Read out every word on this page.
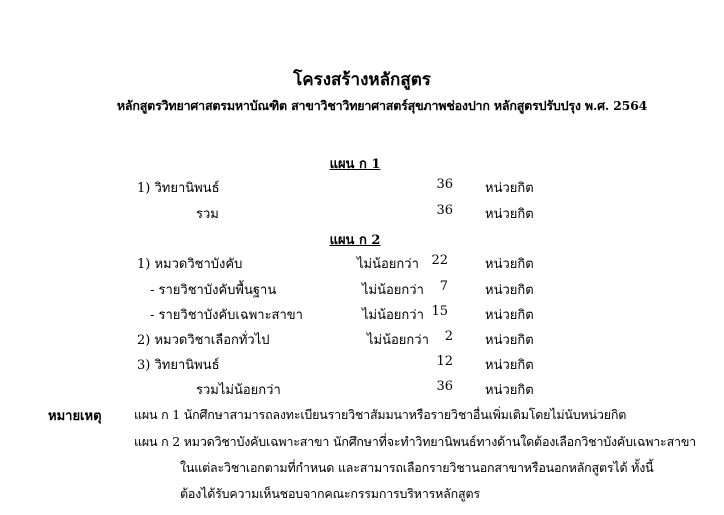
โครงสร้างหลักสูตร
หลักสูตรวิทยาศาสตรมหาบัณฑิต สาขาวิชาวิทยาศาสตร์สุขภาพช่องปาก หลักสูตรปรับปรุง พ.ศ. 2564
แผน ก 1
1) วิทยานิพนธ์	36 หน่วยกิต
รวม	36 หน่วยกิต
แผน ก 2
1) หมวดวิชาบังคับ	ไม่น้อยกว่า 22	หน่วยกิต
- รายวิชาบังคับพื้นฐาน	ไม่น้อยกว่า	7	หน่วยกิต
- รายวิชาบังคับเฉพาะสาขา	ไม่น้อยกว่า 15	หน่วยกิต
2) หมวดวิชาเลือกทั่วไป	ไม่น้อยกว่า	2 หน่วยกิต
3) วิทยานิพนธ์	12 หน่วยกิต
รวมไม่น้อยกว่า	36 หน่วยกิต
หมายเหตุ	แผน ก 1 นักศึกษาสามารถลงทะเบียนรายวิชาสัมมนาหรือรายวิชาอื่นเพิ่มเติมโดยไม่นับหน่วยกิต
แผน ก 2 หมวดวิชาบังคับเฉพาะสาขา นักศึกษาที่จะทำวิทยานิพนธ์ทางด้านใดต้องเลือกวิชาบังคับเฉพาะสาขา
ในแต่ละวิชาเอกตามที่กำหนด และสามารถเลือกรายวิชานอกสาขาหรือนอกหลักสูตรได้ ทั้งนี้
ต้องได้รับความเห็นชอบจากคณะกรรมการบริหารหลักสูตร
